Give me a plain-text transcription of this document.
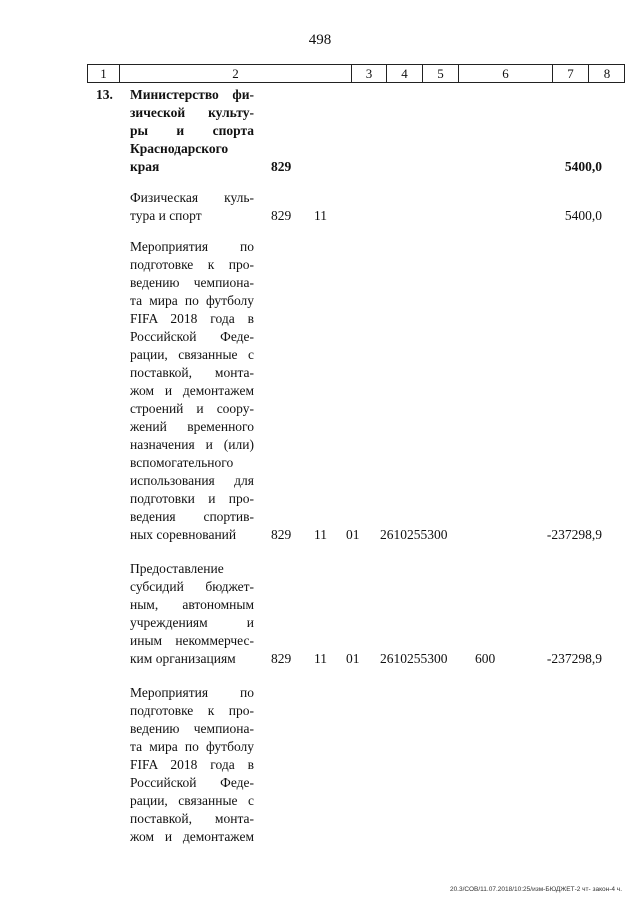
498
1	2	3	4	5	6	7	8
13. Министерство фи-
зической культу-
ры и спорта
Краснодарского
края	829	5400,0
Физическая куль-
тура и спорт	829 11	5400,0
Мероприятия по
подготовке к про-
ведению чемпиона-
та мира по футболу
FIFA 2018 года в
Российской Феде-
рации, связанные с
поставкой, монта-
жом и демонтажем
строений и соору-
жений временного
назначения и (или)
вспомогательного
использования для
подготовки и про-
ведения спортив-
ных соревнований	829 11 01 2610255300	-237298,9
Предоставление
субсидий бюджет-
ным, автономным
учреждениям и
иным некоммерчес-
ким организациям	829 11 01 2610255300 600	-237298,9
Мероприятия по
подготовке к про-
ведению чемпиона-
та мира по футболу
FIFA 2018 года в
Российской Феде-
рации, связанные с
поставкой, монта-
жом и демонтажем
20.3/СОВ/11.07.2018/10:25/изм-БЮДЖЕТ-2 чт- закон-4 ч.
